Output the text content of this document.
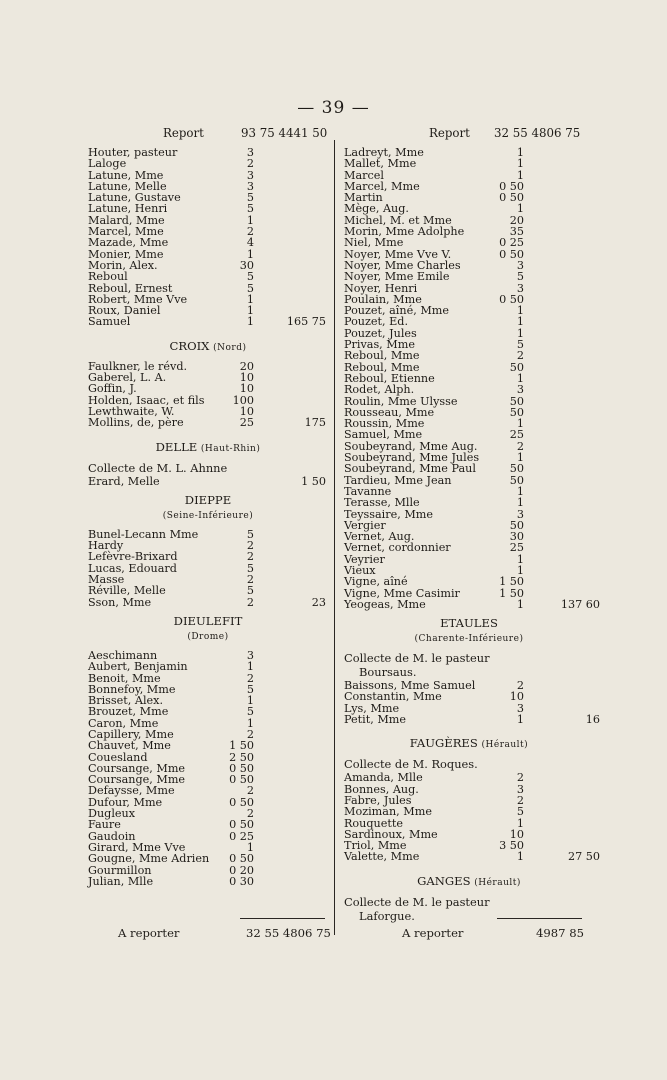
— 39 —
Report	93 75 4441 50
Houter, pasteur	3
Laloge	2
Latune, Mme	3
Latune, Melle	3
Latune, Gustave	5
Latune, Henri	5
Malard, Mme	1
Marcel, Mme	2
Mazade, Mme	4
Monier, Mme	1
Morin, Alex.	30
Reboul	5
Reboul, Ernest	5
Robert, Mme Vve	1
Roux, Daniel	1
Samuel	1	165 75
CROIX (Nord)
Faulkner, le révd.	20
Gaberel, L. A.	10
Goffin, J.	10
Holden, Isaac, et fils	100
Lewthwaite, W.	10
Mollins, de, père	25	175
DELLE (Haut-Rhin)
Collecte de M. L. Ahnne
Erard, Melle	1 50
DIEPPE
(Seine-Inférieure)
Bunel-Lecann Mme	5
Hardy	2
Lefèvre-Brixard	2
Lucas, Edouard	5
Masse	2
Réville, Melle	5
Sson, Mme	2	23
DIEULEFIT
(Drome)
Aeschimann	3
Aubert, Benjamin	1
Benoit, Mme	2
Bonnefoy, Mme	5
Brisset, Alex.	1
Brouzet, Mme	5
Caron, Mme	1
Capillery, Mme	2
Chauvet, Mme	1 50
Couesland	2 50
Coursange, Mme	0 50
Coursange, Mme	0 50
Defaysse, Mme	2
Dufour, Mme	0 50
Dugleux	2
Faure	0 50
Gaudoin	0 25
Girard, Mme Vve	1
Gougne, Mme Adrien 0 50
Gourmillon	0 20
Julian, Mlle	0 30
Report 32 55 4806 75
Ladreyt, Mme	1
Mallet, Mme	1
Marcel	1
Marcel, Mme	0 50
Martin	0 50
Mège, Aug.	1
Michel, M. et Mme	20
Morin, Mme Adolphe	35
Niel, Mme	0 25
Noyer, Mme Vve V.	0 50
Noyer, Mme Charles	3
Noyer, Mme Emile	5
Noyer, Henri	3
Poulain, Mme	0 50
Pouzet, aîné, Mme	1
Pouzet, Ed.	1
Pouzet, Jules	1
Privas, Mme	5
Reboul, Mme	2
Reboul, Mme	50
Reboul, Etienne	1
Rodet, Alph.	3
Roulin, Mme Ulysse	50
Rousseau, Mme	50
Roussin, Mme	1
Samuel, Mme	25
Soubeyrand, Mme Aug.	2
Soubeyrand, Mme Jules	1
Soubeyrand, Mme Paul	50
Tardieu, Mme Jean	50
Tavanne	1
Terasse, Mlle	1
Teyssaire, Mme	3
Vergier	50
Vernet, Aug.	30
Vernet, cordonnier	25
Veyrier	1
Vieux	1
Vigne, aîné	1 50
Vigne, Mme Casimir	1 50
Yeogeas, Mme	1	137 60
ETAULES
(Charente-Inférieure)
Collecte de M. le pasteur
Boursaus.
Baissons, Mme Samuel	2
Constantin, Mme	10
Lys, Mme	3
Petit, Mme	1	16
FAUGÈRES (Hérault)
Collecte de M. Roques.
Amanda, Mlle	2
Bonnes, Aug.	3
Fabre, Jules	2
Moziman, Mme	5
Rouquette	1
Sardinoux, Mme	10
Triol, Mme	3 50
Valette, Mme	1	27 50
GANGES (Hérault)
Collecte de M. le pasteur
Laforgue.
A reporter	32 55 4806 75	A reporter	4987 85
